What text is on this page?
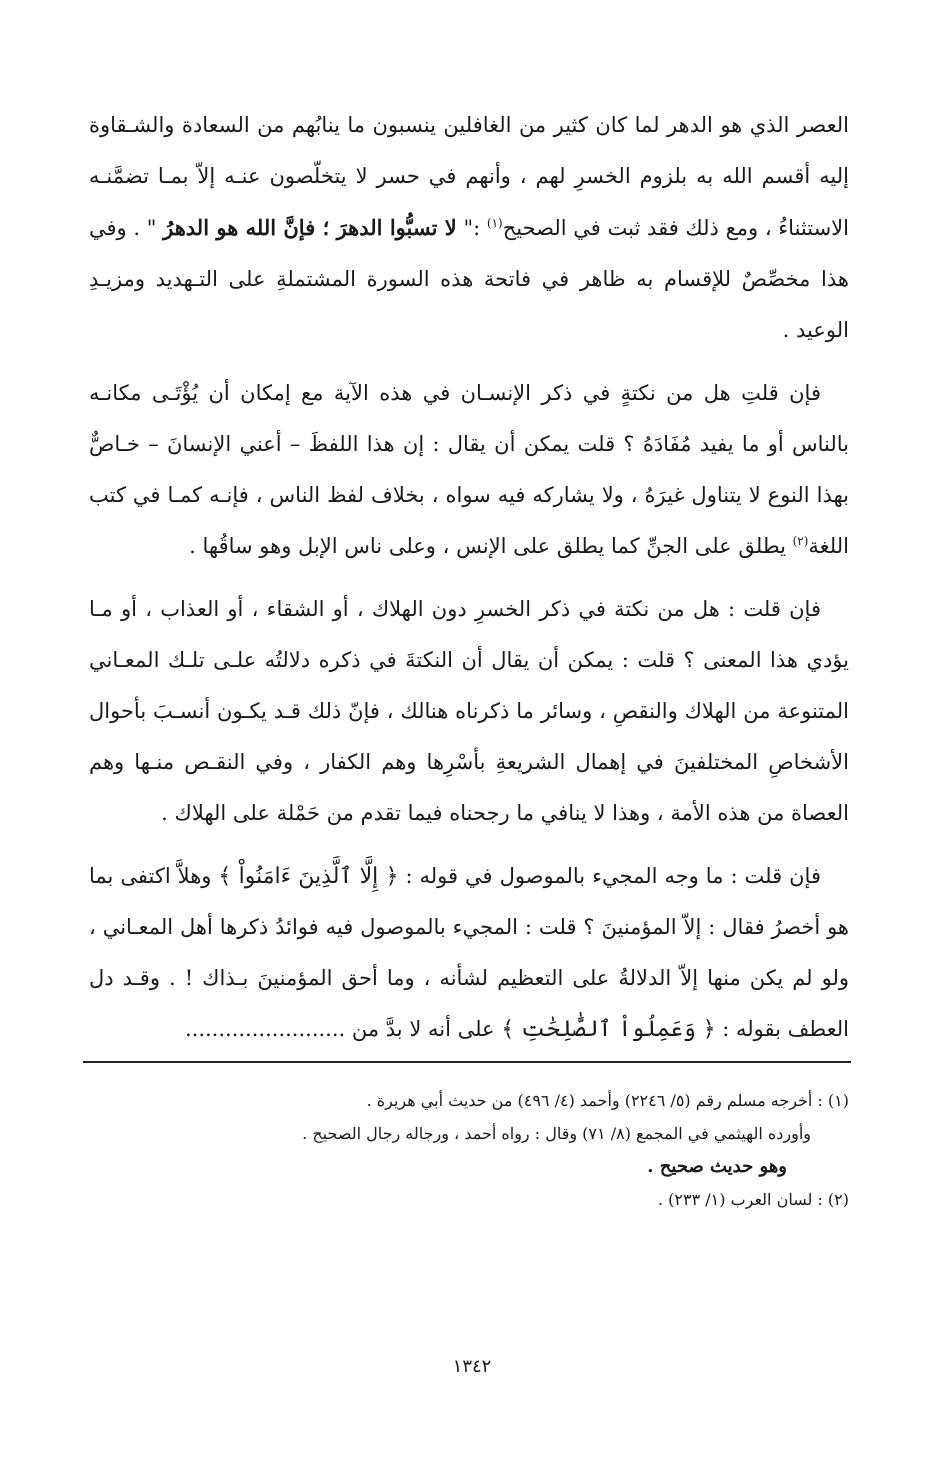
العصر الذي هو الدهر لما كان كثير من الغافلين ينسبون ما ينابُهم من السعادة والشـقاوة إليه أقسم الله به بلزوم الخسرِ لهم ، وأنهم في حسر لا يتخلّصون عنـه إلاّ بمـا تضمَّنـه الاستثناءُ ، ومع ذلك فقد ثبت في الصحيح$^{(١)}$ :" لا تسبُّوا الدهرَ ؛ فإنَّ الله هو الدهرُ " . وفي هذا مخصِّصٌ للإقسام به ظاهر في فاتحة هذه السورة المشتملةِ على التـهديد ومزيـدِ الوعيد .

فإن قلتِ هل من نكتةٍ في ذكر الإنسـان في هذه الآية مع إمكان أن يُؤْتَـى مكانـه بالناس أو ما يفيد مُفَادَهُ ؟ قلت يمكن أن يقال : إن هذا اللفظَ – أعني الإنسانَ – خـاصٌّ بهذا النوع لا يتناول غيرَهُ ، ولا يشاركه فيه سواه ، بخلاف لفظ الناس ، فإنـه كمـا في كتب اللغة$^{(٢)}$ يطلق على الجنِّ كما يطلق على الإنس ، وعلى ناس الإبل وهو ساقُها .

فإن قلت : هل من نكتة في ذكر الخسرِ دون الهلاك ، أو الشقاء ، أو العذاب ، أو مـا يؤدي هذا المعنى ؟ قلت : يمكن أن يقال أن النكتةَ في ذكره دلالتُه علـى تلـك المعـاني المتنوعة من الهلاك والنقصِ ، وسائر ما ذكرناه هنالك ، فإنّ ذلك قـد يكـون أنسـبَ بأحوال الأشخاصِ المختلفينَ في إهمال الشريعةِ بأسْرِها وهم الكفار ، وفي النقـص منـها وهم العصاة من هذه الأمة ، وهذا لا ينافي ما رجحناه فيما تقدم من حَمْلة على الهلاك .

فإن قلت : ما وجه المجيء بالموصول في قوله : ﴿ إِلَّا ٱلَّذِينَ ءَامَنُواْ ﴾ وهلاَّ اكتفى بما هو أخصرُ فقال : إلاّ المؤمنينَ ؟ قلت : المجيء بالموصول فيه فوائدُ ذكرها أهل المعـاني ، ولو لم يكن منها إلاّ الدلالةُ على التعظيم لشأنه ، وما أحق المؤمنينَ بـذاك ! . وقـد دل العطف بقوله : ﴿ وَعَمِلُواْ ٱلصَّٰلِحَٰتِ ﴾ على أنه لا بدَّ من ........................

(١) : أخرجه مسلم رقم (٥/ ٢٢٤٦) وأحمد (٤/ ٤٩٦) من حديث أبي هريرة .
وأورده الهيثمي في المجمع (٨/ ٧١) وقال : رواه أحمد ، ورجاله رجال الصحيح .
وهو حديث صحيح .
(٢) : لسان العرب (١/ ٢٣٣) .
١٣٤٢
